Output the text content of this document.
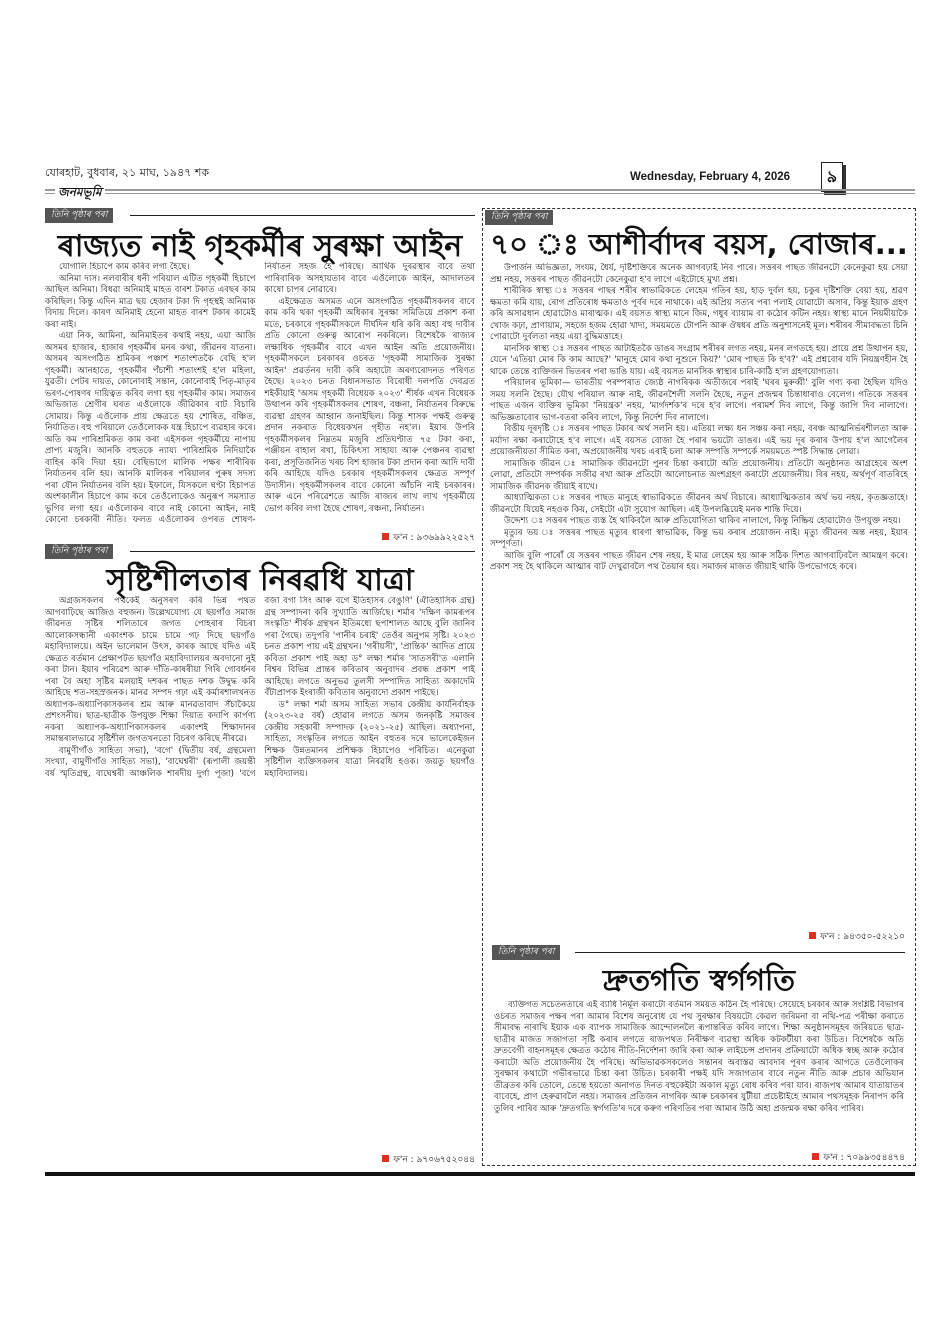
যোৰহাট, বুধবাৰ, ২১ মাঘ, ১৯৪৭ শক	Wednesday, February 4, 2026	৯
জনমভূমি
তিনি পৃষ্ঠাৰ পৰা
ৰাজ্যত নাই গৃহকৰ্মীৰ সুৰক্ষা আইন

যোগালি হিচাপে কাম কৰিব লগা হৈছে।

অনিমা দাস। নলবাৰীৰ ধনী পৰিয়াল এটিত গৃহকৰ্মী হিচাপে আছিল অনিমা। বিধৱা অনিমাই মাহত বাৰশ টকাত এবছৰ কাম কৰিছিল। কিন্তু এদিন মাত্ৰ ছয় হেজাৰ টকা দি গৃহস্থই অনিমাক বিদায় দিলে। কাৰণ অনিমাই হেনো মাহত বাৰশ টকাৰ কামেই কৰা নাই।

এয়া নিক, আমিনা, অনিমাইতৰ কথাই নহয়, এয়া আজি অসমৰ হাজাৰ, হাজাৰ গৃহকৰ্মীৰ মনৰ কথা, জীৱনৰ যাতনা। অসমৰ অসংগঠিত শ্ৰমিকৰ পঞ্চাশ শতাংশতকৈ বেছি হ'ল গৃহকৰ্মী। আনহাতে, গৃহকৰ্মীৰ পঁচাশী শতাংশই হ'ল মহিলা, যুৱতী। পেটৰ দায়ত, কোনোবাই সন্তান, কোনোবাই পিতৃ-মাতৃৰ ভৰণ-পোষণৰ দায়িত্বত কৰিব লগা হয় গৃহকৰ্মীৰ কাম। সমাজৰ অভিজাত শ্ৰেণীৰ ঘৰত এওঁলোকে জীৱিকাৰ বাট বিচাৰি সোমায়। কিন্তু এওঁলোক প্ৰায় ক্ষেত্ৰতে হয় শোষিত, বঞ্চিত, নিৰ্যাতিত। বহু পৰিয়ালে তেওঁলোকক যন্ত্ৰ হিচাপে ব্যৱহাৰ কৰে। অতি কম পাৰিশ্ৰমিকত কাম কৰা এইসকল গৃহকৰ্মীয়ে নাপায় প্ৰাপ্য মজুৰি। আনকি বহুতকে ন্যায্য পাৰিশ্ৰমিক নিদিয়াকৈ বাহিৰ কৰি দিয়া হয়। বেছিভাগে মালিক পক্ষৰ শাৰীৰিক নিৰ্যাতনৰ বলি হয়। আনকি মালিকৰ পৰিয়ালৰ পুৰুষ সদস্য পৰা যৌন নিৰ্যাতনৰ বলি হয়। ইফালে, যিসকলে ঘণ্টা হিচাপত অংশকালীন হিচাপে কাম কৰে তেওঁলোকেও অনুৰূপ সমস্যাত ভুগিব লগা হয়। এওঁলোকৰ বাবে নাই কোনো আইন, নাই কোনো চৰকাৰী নীতি। ফলত এওঁলোকৰ ওপৰত শোষণ-নিৰ্যাতন সহজ হৈ পৰিছে। আৰ্থিক দুৰৱস্থাৰ বাবে তথা পাৰিবাৰিক অসহায়তাৰ বাবে এওঁলোকে আইন, আদালতৰ কাষো চাপৰ নোৱাৰে।

এইক্ষেত্ৰত অসমত এনে অসংগঠিত গৃহকৰ্মীসকলৰ বাবে কাম কৰি থকা গৃহকৰ্মী অধিকাৰ সুৰক্ষা সমিতিয়ে প্ৰকাশ কৰা মতে, চৰকাৰে গৃহকৰ্মীসকলে দীৰ্ঘদিন ধৰি কৰি অহা বহু দাবীৰ প্ৰতি কোনো গুৰুত্ব আৰোপ নকৰিলে। বিশেষকৈ ৰাজ্যৰ লক্ষাধিক গৃহকৰ্মীৰ বাবে এখন আইন অতি প্ৰয়োজনীয়। গৃহকৰ্মীসকলে চৰকাৰৰ ওচৰত 'গৃহকৰ্মী সামাজিক সুৰক্ষা আইন' প্ৰৱৰ্তনৰ দাবী কৰি অহাটো অৰণ্যৰোদনত পৰিণত হৈছে। ২০২৩ চনত বিধানসভাত বিৰোধী দলপতি দেবব্ৰত শইকীয়াই 'অসম গৃহকৰ্মী বিধেয়ক ২০২৩' শীৰ্ষক এখন বিধেয়ক উত্থাপন কৰি গৃহকৰ্মীসকলৰ শোষণ, বঞ্চনা, নিৰ্যাতনৰ বিৰুদ্ধে ব্যৱস্থা গ্ৰহণৰ আহ্বান জনাইছিল। কিন্তু শাসক পক্ষই গুৰুত্ব প্ৰদান নকৰাত বিধেয়কখন গৃহীত নহ'ল। ইয়াৰ উপৰি গৃহকৰ্মীসকলৰ নিম্নতম মজুৰি প্ৰতিঘণ্টাত ৭৫ টকা কৰা, পঞ্জীয়ন বাহাল ৰখা, চিকিৎসা সাহায্য আৰু পেঞ্চনৰ ব্যৱস্থা কৰা, প্ৰসূতিজনিত খৰচ বিশ হাজাৰ টকা প্ৰদান কৰা আদি দাবী কৰি আহিছে যদিও চৰকাৰ গৃহকৰ্মীসকলৰ ক্ষেত্ৰত সম্পূৰ্ণ উদাসীন। গৃহকৰ্মীসকলৰ বাবে কোনো আঁচনি নাই চৰকাৰৰ। আৰু এনে পৰিৱেশতে আজি ৰাজ্যৰ লাখ লাখ গৃহকৰ্মীয়ে ভোগ কৰিব লগা হৈছে শোষণ, বঞ্চনা, নিৰ্যাতন।

ফ'ন : ৯৩৬৯৯২২৫২৭
তিনি পৃষ্ঠাৰ পৰা
সৃষ্টিশীলতাৰ নিৰৱধি যাত্ৰা

অগ্ৰজসকলৰ পথকেই অনুসৰণ কৰি ভিন্ন পথত আগবাঢ়িছে আজিও বহুজন। উল্লেখযোগ্য যে ছয়গাঁও সমাজ জীৱনত সৃষ্টিৰ শলিতাৰে জগত পোহৰাৰ বিচৰা আলোকসন্ধানী একাংশক চামে চামে গঢ় দিছে ছয়গাঁও মহাবিদ্যালয়ে। অইন ভালেমান উৎস, কাৰক আছে যদিও এই ক্ষেত্ৰত বৰ্তমান প্ৰেক্ষাপটত ছয়গাঁও মহাবিদ্যালয়ৰ অবদানো নুই কৰা টান। ইয়াৰ পৰিৱেশ আৰু দাঁতি-কাষৰীয়া গিৰি গোবৰ্ধনৰ পৰা বৈ অহা সৃষ্টিৰ মলয়াই দশকৰ পাছত দশক উদ্বুদ্ধ কৰি আহিছে শত-সহস্ৰজনক। মানৱ সম্পদ গঢ়া এই কৰ্মাৰশালখনত অধ্যাপক-অধ্যাপিকাসকলৰ শ্ৰম আৰু মানৱতাবাদ সঁচাকৈয়ে প্ৰশংসনীয়। ছাত্ৰ-ছাত্ৰীক উপযুক্ত শিক্ষা দিয়াত কদাপি কাৰ্পণ্য নকৰা অধ্যাপক-অধ্যাপিকাসকলৰ একাংশই শিক্ষাদানৰ সমান্তৰালভাৱে সৃষ্টিশীল জগতখনতো বিচৰণ কৰিছে নীৰৱে।

বামুণীগাঁও সাহিত্য সভা), 'বগে' (দ্বিতীয় বৰ্ষ, গ্ৰন্থমেলা সংখ্যা, বামুণীগাঁও সাহিত্য সভা), 'বাঘেশ্বৰী' (ৰূপালী জয়ন্তী বৰ্ষ স্মৃতিগ্ৰন্থ, বাঘেশ্বৰী আঞ্চলিক শাৰদীয় দুৰ্গা পূজা) 'বগে বজা বগা সিং আৰু বগে ইতিহাসৰ বেঙুণি' (ঐতিহাসিক গ্ৰন্থ) গ্ৰন্থ সম্পাদনা কৰি সুখ্যাতি আৰ্জিছে। শৰ্মাৰ 'দক্ষিণ কামৰূপৰ সংস্কৃতি' শীৰ্ষক গ্ৰন্থখন ইতিমধ্যে ছপাশালত আছে বুলি জানিব পৰা গৈছে। তদুপৰি 'পানীৰ চৰাই' তেওঁৰ অনুপম সৃষ্টি। ২০২৩ চনত প্ৰকাশ পায় এই গ্ৰন্থখন। 'গৰীয়সী', 'প্ৰান্তিক' আদিত প্ৰায়ে কবিতা প্ৰকাশ পাই অহা ড° লক্ষা শৰ্মাৰ 'সাতসৰী'ত এলানি বিশ্বৰ বিভিন্ন প্ৰান্তৰ কবিতাৰ অনুবাদৰ প্ৰবন্ধ প্ৰকাশ পাই আহিছে। লগতে অনুভৱ তুলসী সম্পাদিত সাহিত্য অকাদেমি বঁটাপ্ৰাপক ইংৰাজী কবিতাৰ অনুবাদো প্ৰকাশ পাইছে।

ড° লক্ষা শৰ্মা অসম সাহিত্য সভাৰ কেন্দ্ৰীয় কাৰ্যনিৰ্বাহক (২০২৩-২৫ বৰ্ষ) হোৱাৰ লগতে অসম জনকৃষ্টি সমাজৰ কেন্দ্ৰীয় সহকাৰী সম্পাদক (২০২১-২৫) আছিল। অধ্যাপনা, সাহিত্য, সংস্কৃতিৰ লগতে আইন বহুতৰ দৰে ভালেকেইজন শিক্ষক উন্নতমানৰ প্ৰশিক্ষক হিচাপেও পৰিচিত। এনেকুৱা সৃষ্টিশীল ব্যক্তিসকলৰ যাত্ৰা নিৰৱধি হওক। জয়তু ছয়গাঁও মহাবিদ্যালয়।

ফ'ন : ৯৭০৬৭৫২০৪৪
তিনি পৃষ্ঠাৰ পৰা
৭০ ঃ আশীৰ্বাদৰ বয়স, বোজাৰ...

উপাৰ্জন অভিজ্ঞতা, সংযম, ধৈৰ্য, দৃষ্টিশক্তিৰে অনেক আগবঢ়াই নিব পাৰে। সত্তৰৰ পাছত জীৱনটো কেনেকুৱা হয় সেয়া প্ৰশ্ন নহয়, সত্তৰৰ পাছত জীৱনটো কেনেকুৱা হ'ব লাগে এইটোহে মুখ্য প্ৰশ্ন।

শাৰীৰিক স্বাস্থ্য ঃ সত্তৰৰ পাছৰ শৰীৰ স্বাভাৱিকতে লেহেম গতিৰ হয়, হাড় দুৰ্বল হয়, চকুৰ দৃষ্টিশক্তি বেয়া হয়, শ্ৰৱণ ক্ষমতা কমি যায়, ৰোগ প্ৰতিৰোধ ক্ষমতাও পূৰ্বৰ দৰে নাথাকে। এই অপ্ৰিয় সত্যৰ পৰা পলাই যোৱাটো অসাৰ, কিন্তু ইয়াক গ্ৰহণ কৰি অসাৱধান হোৱাটোও মাৰাত্মক। এই বয়সত স্বাস্থ্য মানে জিম, গধুৰ ব্যায়াম বা কঠোৰ কটিন নহয়। স্বাস্থ্য মানে নিয়মীয়াকৈ খোজ কঢ়া, প্ৰাণায়াম, সহজে হজম হোৱা খাদ্য, সময়মতে টোপনি আৰু ঔষধৰ প্ৰতি অনুশাসনেই মূল। শৰীৰৰ সীমাবদ্ধতা চিনি পোৱাটো দুৰ্বলতা নহয় এয়া বুদ্ধিমত্তাহে।

মানসিক স্বাস্থ্য ঃ সত্তৰৰ পাছত আটাইতকৈ ডাঙৰ সংগ্ৰাম শৰীৰৰ লগত নহয়, মনৰ লগতহে হয়। প্ৰায়ে প্ৰশ্ন উত্থাপন হয়, যেনে 'এতিয়া মোৰ কি কাম আছে?' 'মানুহে মোৰ কথা নুশুনে কিয়?' 'মোৰ পাছত কি হ'ব?' এই প্ৰশ্নবোৰ যদি নিয়ন্ত্ৰণহীন হৈ থাকে তেন্তে ব্যক্তিজন ভিতৰৰ পৰা ভাঙি যায়। এই বয়সত মানসিক স্বাস্থ্যৰ চাবি-কাঠি হ'ল গ্ৰহণযোগ্যতা।

পৰিয়ালৰ ভূমিকা— ভাৰতীয় পৰম্পৰাত জ্যেষ্ঠ নাগৰিকক অতীজৰে পৰাই 'ঘৰৰ মুৰুব্বী' বুলি গণ্য কৰা হৈছিল যদিও সময় সলনি হৈছে। যৌথ পৰিয়াল আৰু নাই, জীৱনশৈলী সলনি হৈছে, নতুন প্ৰজন্মৰ চিন্তাধাৰাও বেলেগ। গতিকে সত্তৰৰ পাছত এজন ব্যক্তিৰ ভূমিকা 'নিয়ন্ত্ৰক' নহয়, 'মাৰ্গদৰ্শক'ৰ দৰে হ'ব লাগে। পৰামৰ্শ দিব লাগে, কিন্তু জাপি দিব নালাগে। অভিজ্ঞতাবোৰ ভাগ-বতৰা কৰিব লাগে, কিন্তু নিৰ্দেশ দিব নালাগে।

বিত্তীয় দূৰদৃষ্টি ঃ সত্তৰৰ পাছত টকাৰ অৰ্থ সলনি হয়। এতিয়া লক্ষ্য ধন সঞ্চয় কৰা নহয়, বৰঞ্চ আত্মনিৰ্ভৰশীলতা আৰু মৰ্যাদা ৰক্ষা কৰাটোহে হ'ব লাগে। এই বয়সত বোজা হৈ পৰাৰ ভয়টো ডাঙৰ। এই ভয় দূৰ কৰাৰ উপায় হ'ল আগেলৈৰ প্ৰয়োজনীয়তা সীমিত কৰা, অপ্ৰয়োজনীয় খৰচ এৰাই চলা আৰু সম্পত্তি সম্পৰ্কে সময়মতে স্পষ্ট সিদ্ধান্ত লোৱা।

সামাজিক জীৱন ঃ সামাজিক জীৱনটো পুনৰ চিন্তা কৰাটো অতি প্ৰয়োজনীয়। প্ৰতিটো অনুষ্ঠানত আগ্ৰহেৰে অংশ লোৱা, প্ৰতিটো সম্পৰ্কক সজীৱ ৰখা আৰু প্ৰতিটো আলোচনাত অংশগ্ৰহণ কৰাটো প্ৰয়োজনীয়। বিৰ নহয়, অৰ্থপূৰ্ণ বাতৰিহে সামাজিক জীৱনক জীয়াই ৰাখে।

আধ্যাত্মিকতা ঃ সত্তৰৰ পাছত মানুহে স্বাভাৱিকতে জীৱনৰ অৰ্থ বিচাৰে। আধ্যাত্মিকতাৰ অৰ্থ ভয় নহয়, কৃতজ্ঞতাহে। জীৱনটো যিয়েই নহওক কিয়, সেইটো এটা সুযোগ আছিল। এই উপলব্ধিয়েই মনক শান্তি দিয়ে।

উদ্দেশ্য ঃ সত্তৰৰ পাছত ব্যস্ত হৈ থাকিবলৈ আৰু প্ৰতিযোগিতা থাকিব নালাগে, কিন্তু নিষ্ক্ৰিয় হোৱাটোও উপযুক্ত নহয়।

মৃত্যুৰ ভয় ঃ সত্তৰৰ পাছত মৃত্যুৰ ধাৰণা স্বাভাৱিক, কিন্তু ভয় কৰাৰ প্ৰয়োজন নাই। মৃত্যু জীৱনৰ অন্ত নহয়, ইয়াৰ সম্পূৰ্ণতা।

আজি বুলি পাৰোঁ যে সত্তৰৰ পাছত জীৱন শেষ নহয়, ই মাত্ৰ লেহেম হয় আৰু সঠিক দিশত আগবাঢ়িবলৈ আমন্ত্ৰণ কৰে। প্ৰকাশ সহ হৈ থাকিলে আত্মাৰ বাট দেখুৱাবলৈ পথ তৈয়াৰ হয়। সমাজৰ মাজত জীয়াই থাকি উপভোগহে কৰে।

ফ'ন : ৯৪৩৫০-৫২২১০
তিনি পৃষ্ঠাৰ পৰা
দ্ৰুতগতি স্বৰ্গগতি

ব্যক্তিগত সচেতনতাৰে এই ব্যাধি নিৰ্মূল কৰাটো বৰ্তমান সময়ত কঠিন হৈ পৰিছে। সেয়েহে চৰকাৰ আৰু সংশ্লিষ্ট বিভাগৰ ওচৰত সমাজৰ পক্ষৰ পৰা আমাৰ বিশেষ অনুৰোধ যে পথ সুৰক্ষাৰ বিষয়টো কেৱল জৰিমনা বা নথি-পত্ৰ পৰীক্ষা কৰাতে সীমাবদ্ধ নাৰাখি ইয়াক এক ব্যাপক সামাজিক আন্দোলনলৈ ৰূপান্তৰিত কৰিব লাগে। শিক্ষা অনুষ্ঠানসমূহৰ জৰিয়তে ছাত্ৰ-ছাত্ৰীৰ মাজত সজাগতা সৃষ্টি কৰাৰ লগতে ৰাজপথত নিৰীক্ষণ ব্যৱস্থা অধিক কটকটীয়া কৰা উচিত। বিশেষকৈ অতি দ্ৰুতবেগী বাহনসমূহৰ ক্ষেত্ৰত কঠোৰ নীতি-নিৰ্দেশনা জাৰি কৰা আৰু লাইচেন্স প্ৰদানৰ প্ৰক্ৰিয়াটো অধিক স্বচ্ছ আৰু কঠোৰ কৰাটো অতি প্ৰয়োজনীয় হৈ পৰিছে। অভিভাৱকসকলেও সন্তানৰ অবাস্তৱ আবদাৰ পূৰণ কৰাৰ আগতে তেওঁলোকৰ সুৰক্ষাৰ কথাটো গভীৰভাৱে চিন্তা কৰা উচিত। চৰকাৰী পক্ষই যদি সজাগতাৰ বাবে নতুন নীতি আৰু প্ৰচাৰ অভিযান তীব্ৰতৰ কৰি তোলে, তেন্তে হয়তো অনাগত দিনত বহুকেইটা অকাল মৃত্যু ৰোধ কৰিব পৰা যাব। ৰাজপথ আমাৰ যাতায়াতৰ বাবেহে, প্ৰাণ হেৰুৱাবলৈ নহয়। সমাজৰ প্ৰতিজন নাগৰিক আৰু চৰকাৰৰ যুটীয়া প্ৰচেষ্টাইহে আমাৰ পথসমূহক নিৰাপদ কৰি তুলিব পাৰিব আৰু 'দ্ৰুতগতি স্বৰ্গগতি'ৰ দৰে কৰুণ পৰিণতিৰ পৰা আমাৰ উঠি অহা প্ৰজন্মক ৰক্ষা কৰিব পাৰিব।

ফ'ন : ৭০৯৯৩৫৪৪৭৪
